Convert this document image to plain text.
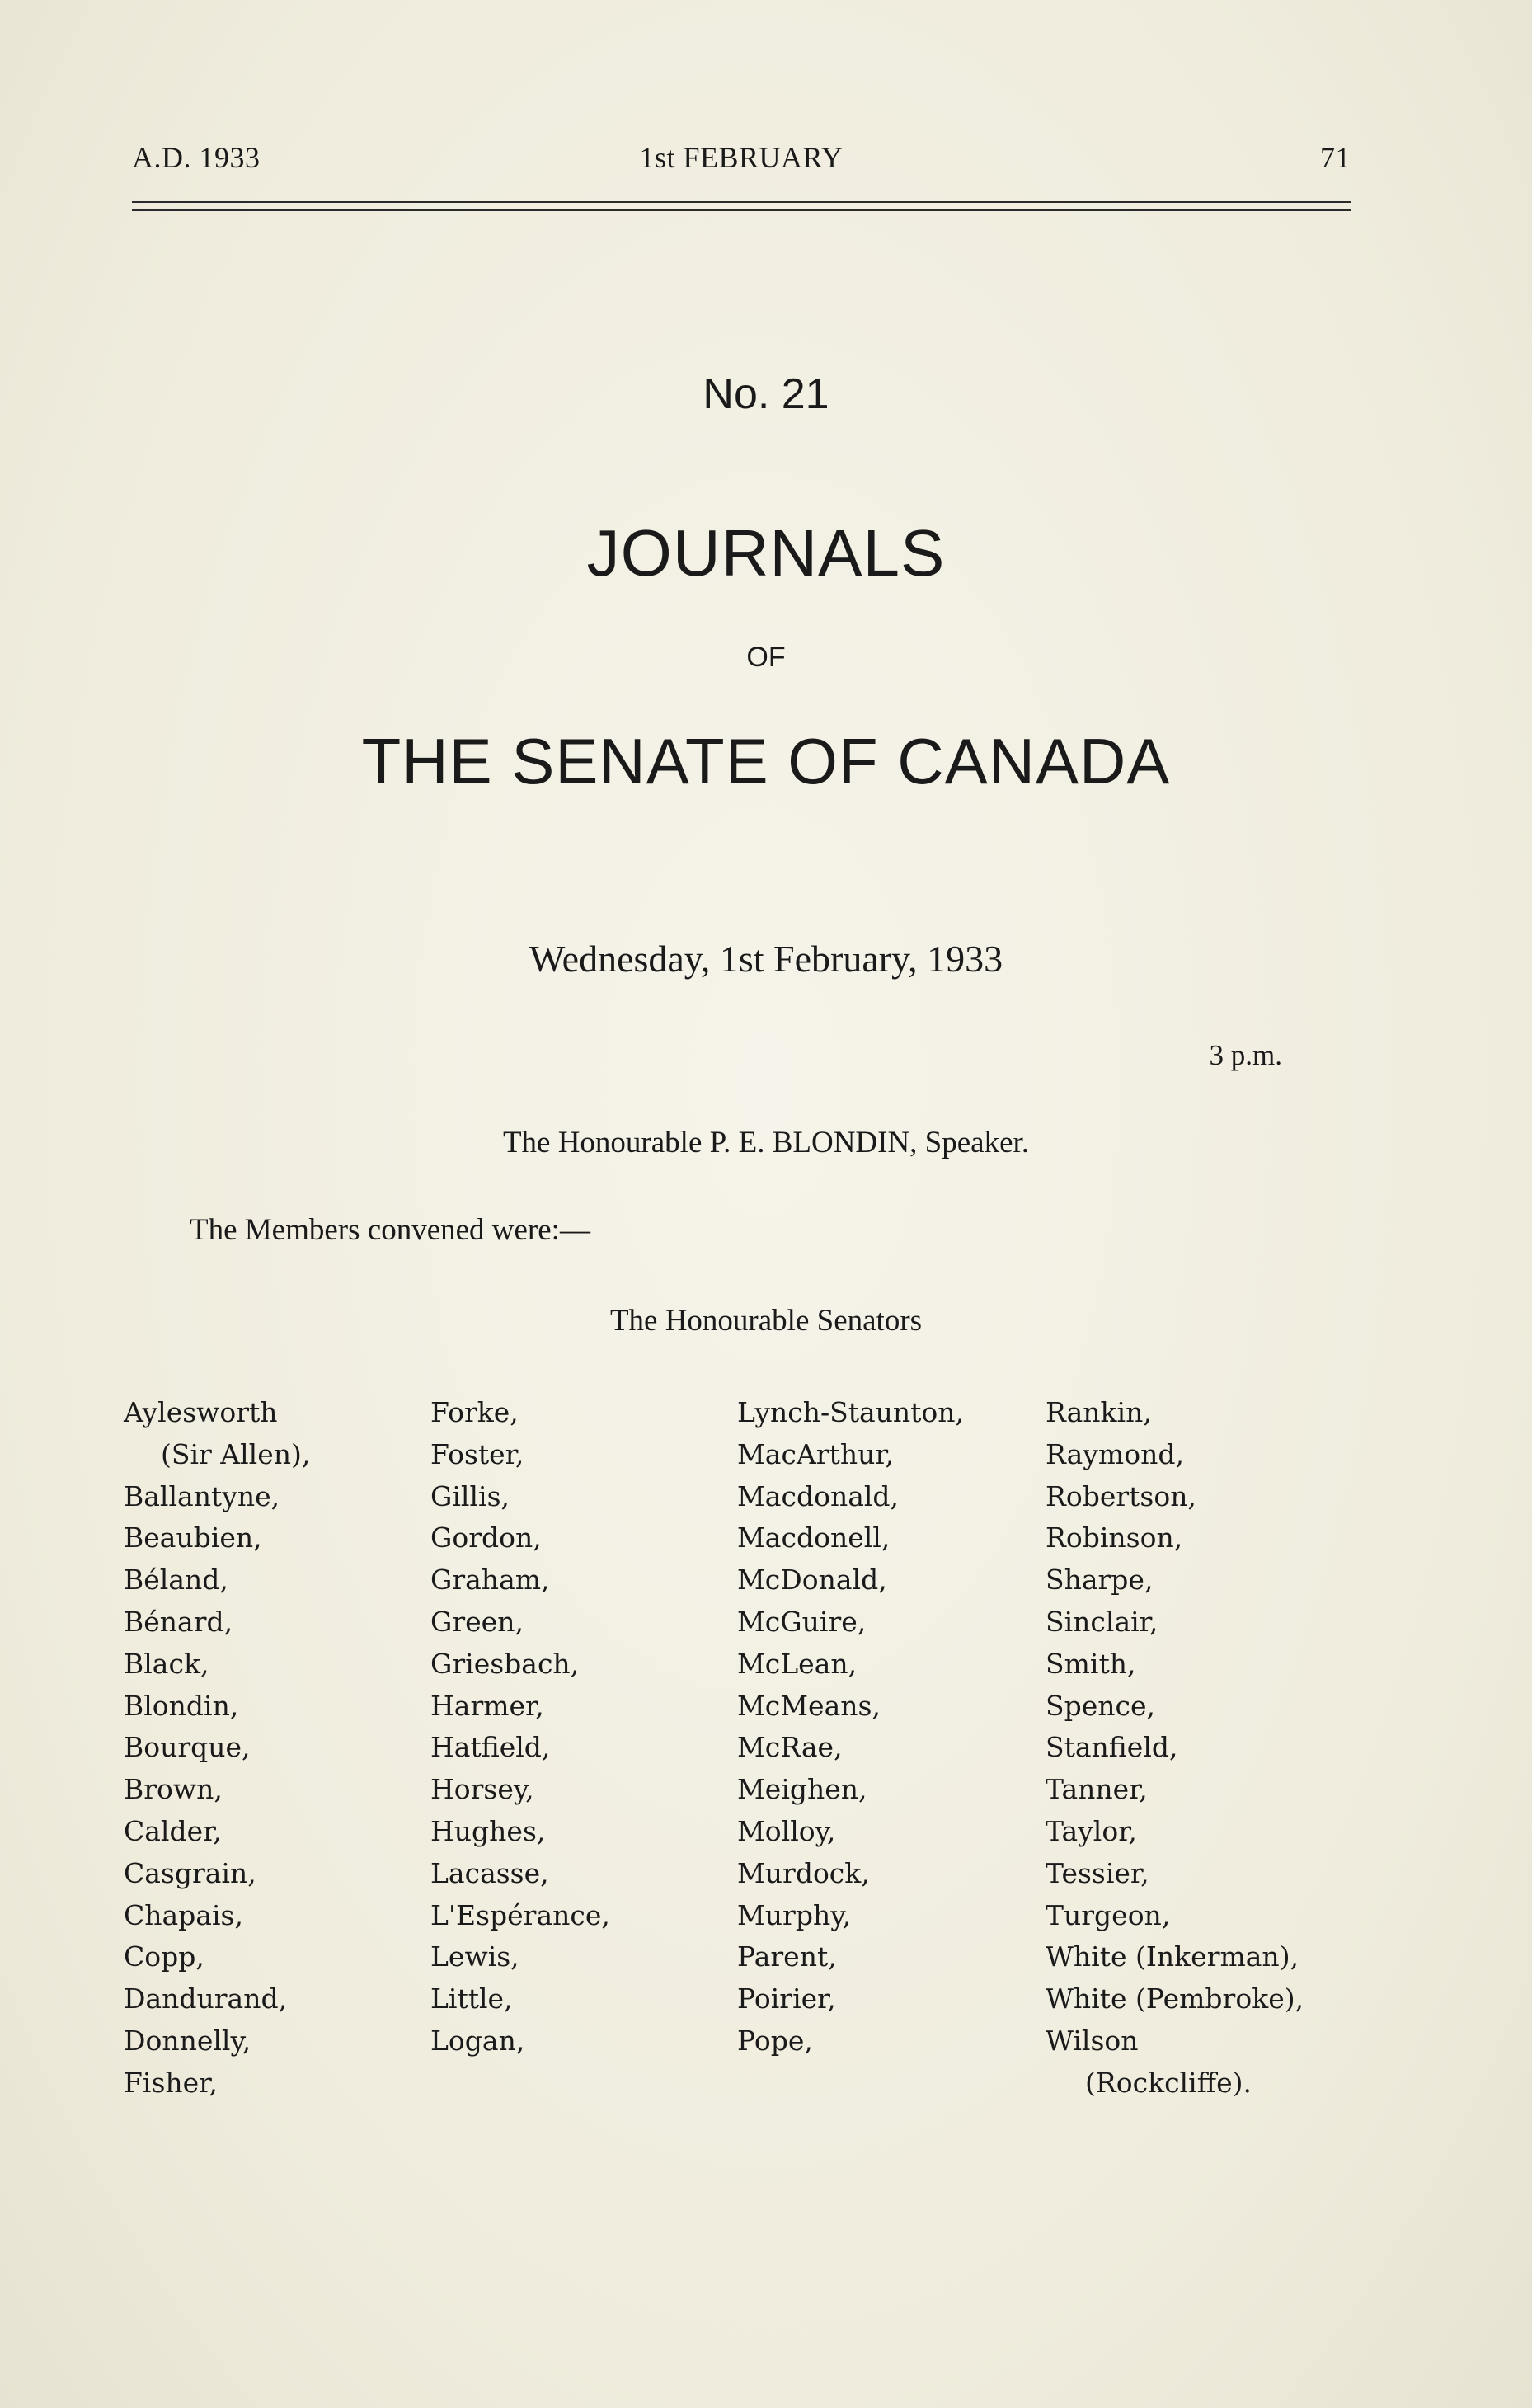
A.D. 1933	1st FEBRUARY	71
No. 21
JOURNALS
OF
THE SENATE OF CANADA
Wednesday, 1st February, 1933
3 p.m.
The Honourable P. E. BLONDIN, Speaker.
The Members convened were:—
The Honourable Senators
Aylesworth
(Sir Allen),
Ballantyne,
Beaubien,
Béland,
Bénard,
Black,
Blondin,
Bourque,
Brown,
Calder,
Casgrain,
Chapais,
Copp,
Dandurand,
Donnelly,
Fisher,
Forke,
Foster,
Gillis,
Gordon,
Graham,
Green,
Griesbach,
Harmer,
Hatfield,
Horsey,
Hughes,
Lacasse,
L'Espérance,
Lewis,
Little,
Logan,
Lynch-Staunton,
MacArthur,
Macdonald,
Macdonell,
McDonald,
McGuire,
McLean,
McMeans,
McRae,
Meighen,
Molloy,
Murdock,
Murphy,
Parent,
Poirier,
Pope,
Rankin,
Raymond,
Robertson,
Robinson,
Sharpe,
Sinclair,
Smith,
Spence,
Stanfield,
Tanner,
Taylor,
Tessier,
Turgeon,
White (Inkerman),
White (Pembroke),
Wilson
(Rockcliffe).
